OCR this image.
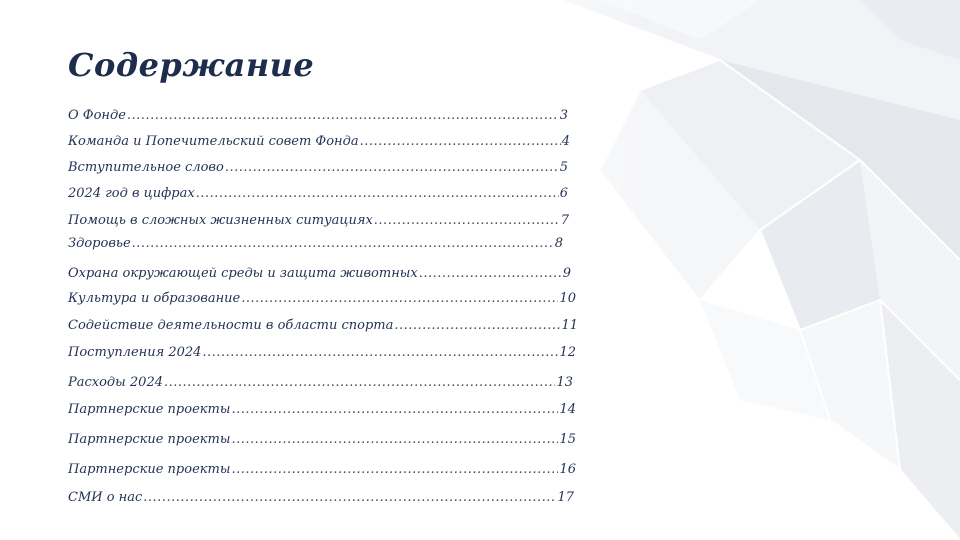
Содержание
О Фонде .....	3
Команда и Попечительский совет Фонда .....	4
Вступительное слово .....	5
2024 год в цифрах .....	6
Помощь в сложных жизненных ситуациях .....	7
Здоровье .....	8
Охрана окружающей среды и защита животных .....	9
Культура и образование .....	10
Содействие деятельности в области спорта .....	11
Поступления 2024 .....	12
Расходы 2024 .....	13
Партнерские проекты .....	14
Партнерские проекты .....	15
Партнерские проекты .....	16
СМИ о нас .....	17
